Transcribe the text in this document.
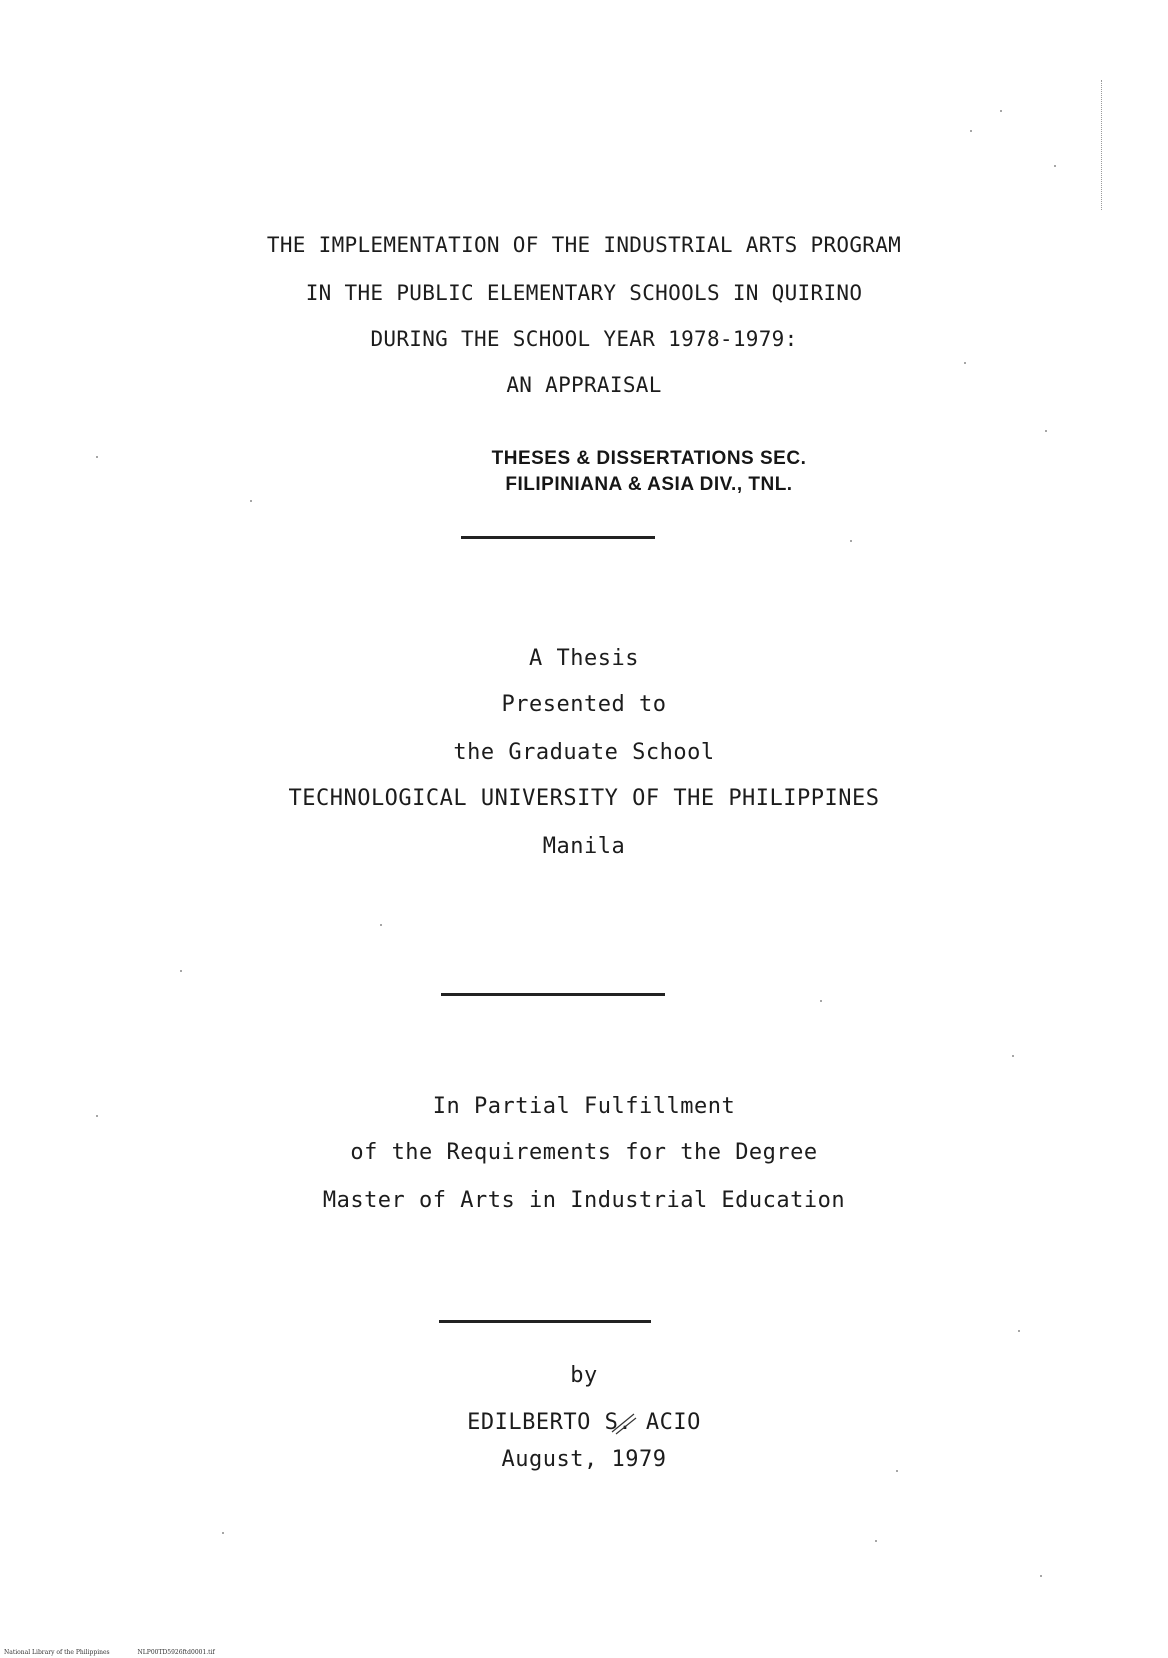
THE IMPLEMENTATION OF THE INDUSTRIAL ARTS PROGRAM
IN THE PUBLIC ELEMENTARY SCHOOLS IN QUIRINO
DURING THE SCHOOL YEAR 1978-1979:
AN APPRAISAL
THESES & DISSERTATIONS SEC.
FILIPINIANA & ASIA DIV., TNL.
A Thesis
Presented to
the Graduate School
TECHNOLOGICAL UNIVERSITY OF THE PHILIPPINES
Manila
In Partial Fulfillment
of the Requirements for the Degree
Master of Arts in Industrial Education
by
EDILBERTO S. ACIO
August, 1979
National Library of the Philippines	NLP00TD5926ftd0001.tif
